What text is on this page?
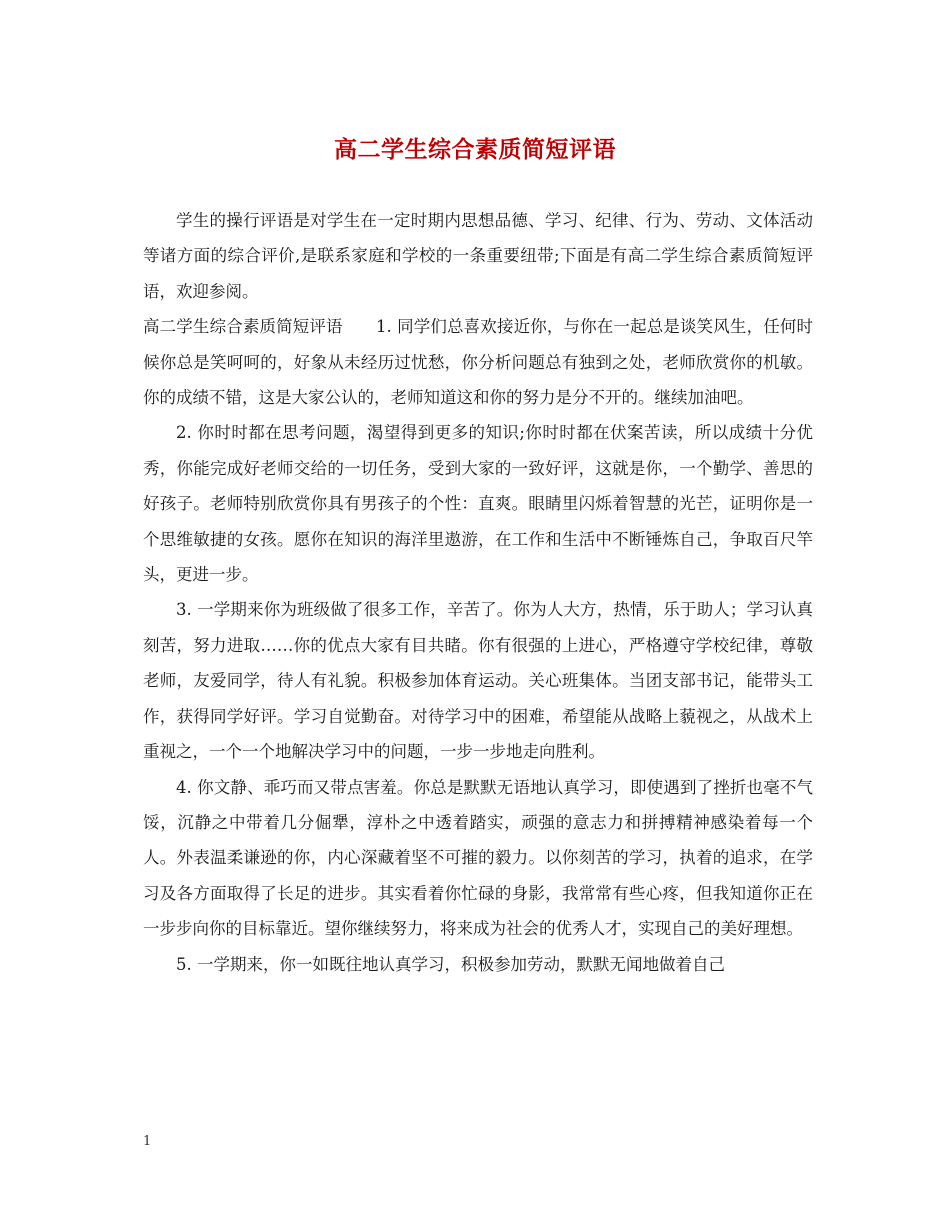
高二学生综合素质简短评语

学生的操行评语是对学生在一定时期内思想品德、学习、纪律、行为、劳动、文体活动等诸方面的综合评价,是联系家庭和学校的一条重要纽带;下面是有高二学生综合素质简短评语，欢迎参阅。

高二学生综合素质简短评语　　1. 同学们总喜欢接近你，与你在一起总是谈笑风生，任何时候你总是笑呵呵的，好象从未经历过忧愁，你分析问题总有独到之处，老师欣赏你的机敏。你的成绩不错，这是大家公认的，老师知道这和你的努力是分不开的。继续加油吧。

2. 你时时都在思考问题，渴望得到更多的知识;你时时都在伏案苦读，所以成绩十分优秀，你能完成好老师交给的一切任务，受到大家的一致好评，这就是你，一个勤学、善思的好孩子。老师特别欣赏你具有男孩子的个性：直爽。眼睛里闪烁着智慧的光芒，证明你是一个思维敏捷的女孩。愿你在知识的海洋里遨游，在工作和生活中不断锤炼自己，争取百尺竿头，更进一步。

3. 一学期来你为班级做了很多工作，辛苦了。你为人大方，热情，乐于助人；学习认真刻苦，努力进取……你的优点大家有目共睹。你有很强的上进心，严格遵守学校纪律，尊敬老师，友爱同学，待人有礼貌。积极参加体育运动。关心班集体。当团支部书记，能带头工作，获得同学好评。学习自觉勤奋。对待学习中的困难，希望能从战略上藐视之，从战术上重视之，一个一个地解决学习中的问题，一步一步地走向胜利。

4. 你文静、乖巧而又带点害羞。你总是默默无语地认真学习，即使遇到了挫折也毫不气馁，沉静之中带着几分倔犟，淳朴之中透着踏实，顽强的意志力和拼搏精神感染着每一个人。外表温柔谦逊的你，内心深藏着坚不可摧的毅力。以你刻苦的学习，执着的追求，在学习及各方面取得了长足的进步。其实看着你忙碌的身影，我常常有些心疼，但我知道你正在一步步向你的目标靠近。望你继续努力，将来成为社会的优秀人才，实现自己的美好理想。

5. 一学期来，你一如既往地认真学习，积极参加劳动，默默无闻地做着自己

1
